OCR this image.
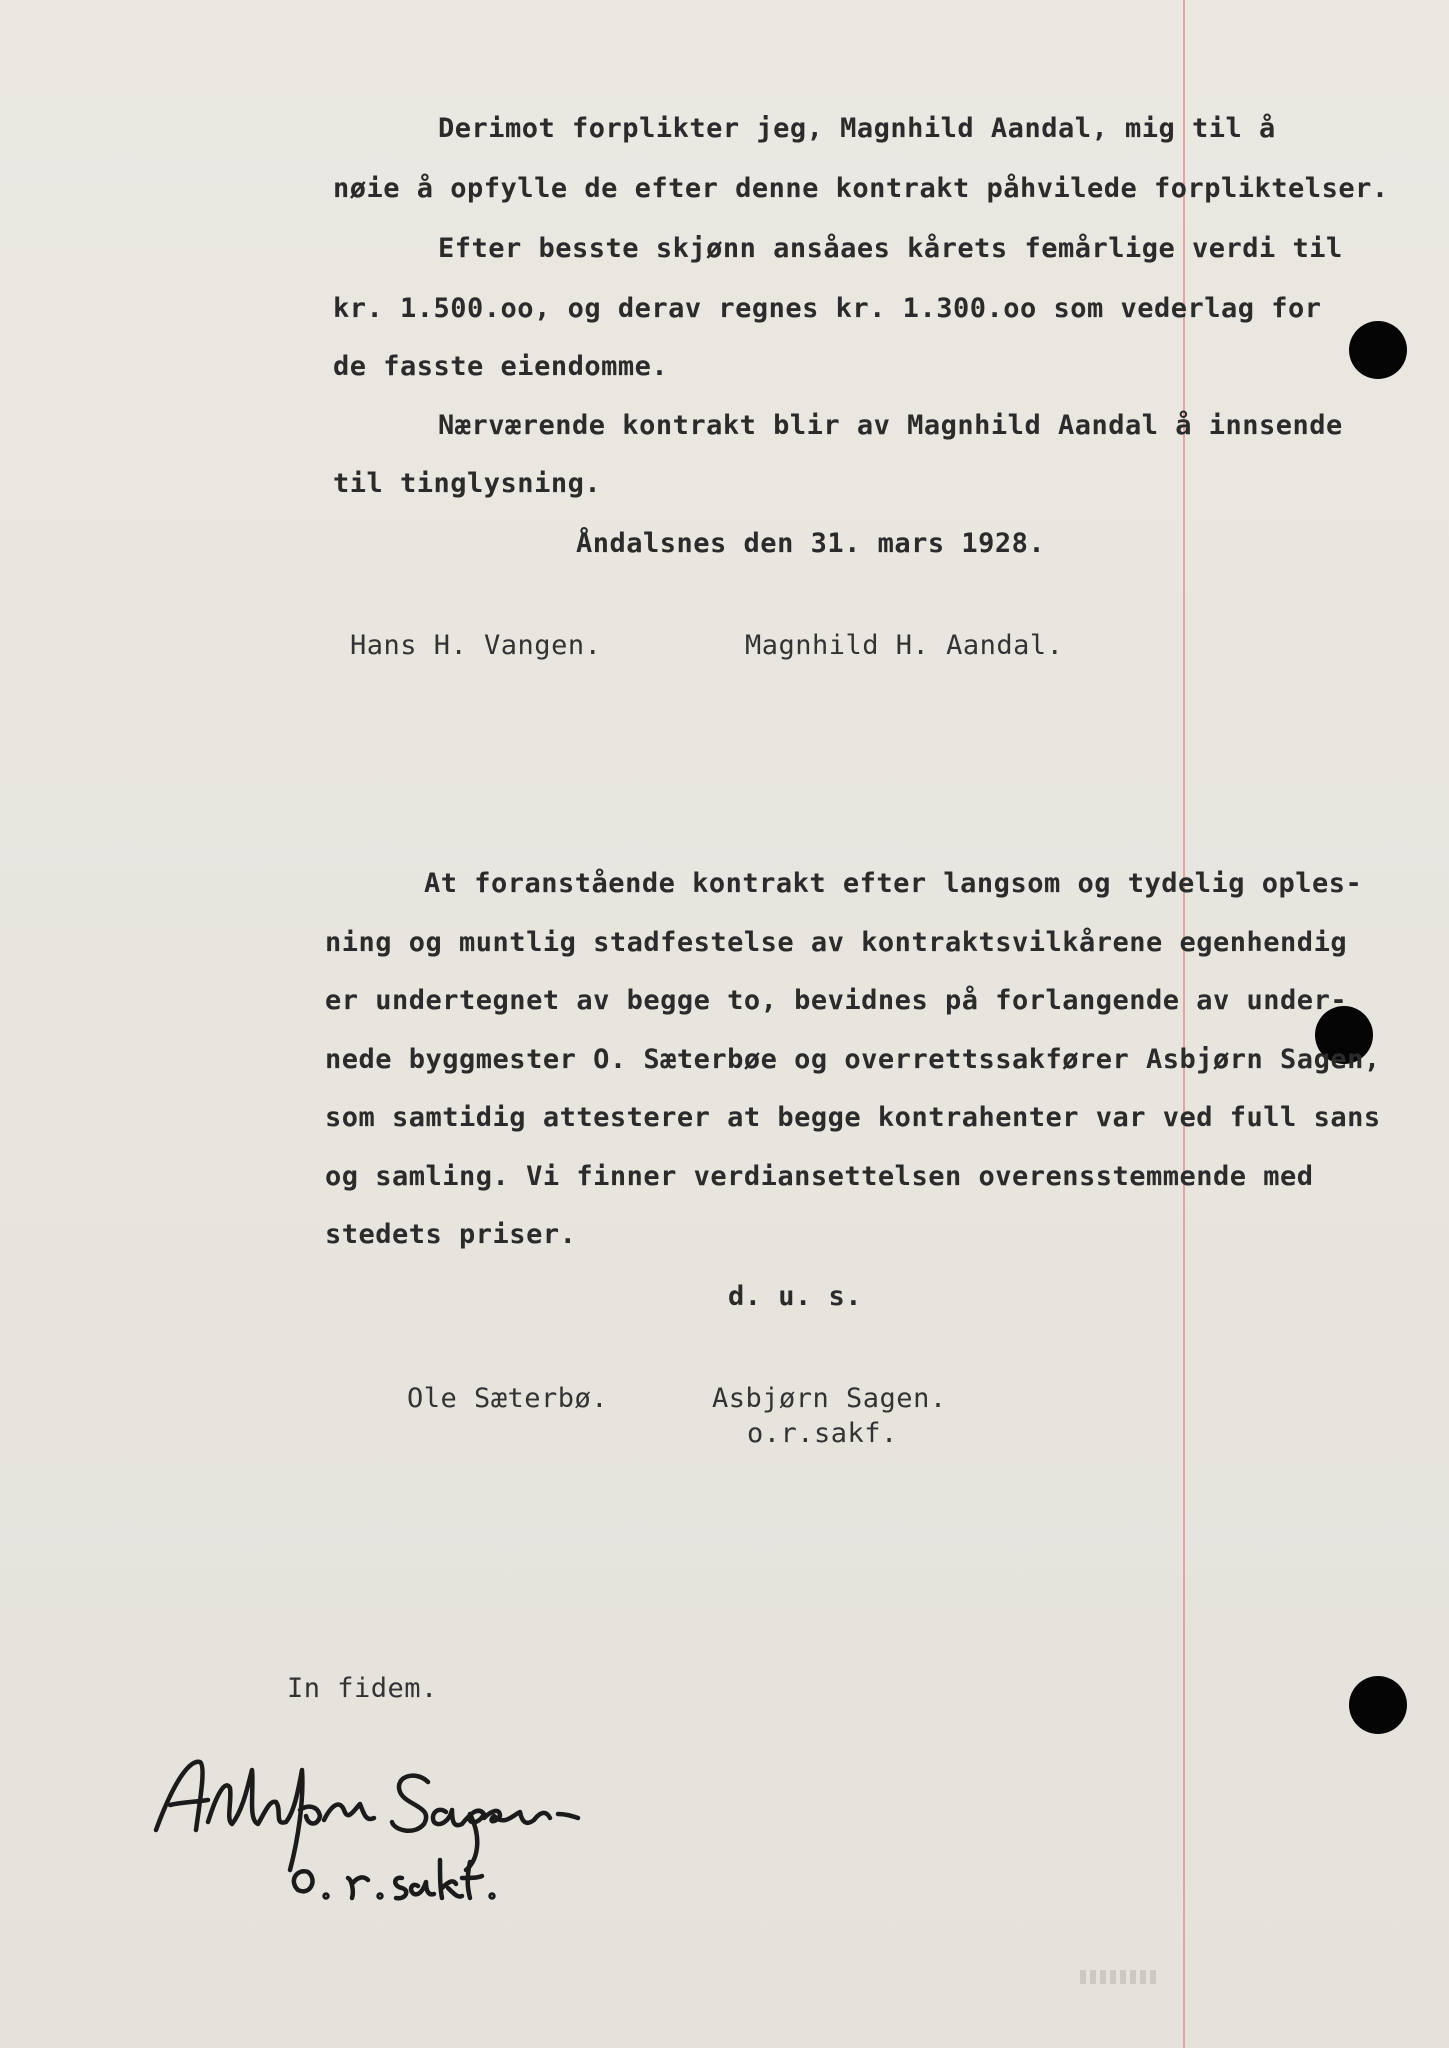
Derimot forplikter jeg, Magnhild Aandal, mig til å
nøie å opfylle de efter denne kontrakt påhvilede forpliktelser.
Efter besste skjønn ansåaes kårets femårlige verdi til
kr. 1.500.oo, og derav regnes kr. 1.300.oo som vederlag for
de fasste eiendomme.
Nærværende kontrakt blir av Magnhild Aandal å innsende
til tinglysning.
Åndalsnes den 31. mars 1928.
Hans H. Vangen.	Magnhild H. Aandal.
At foranstående kontrakt efter langsom og tydelig oples-
ning og muntlig stadfestelse av kontraktsvilkårene egenhendig
er undertegnet av begge to, bevidnes på forlangende av under-
nede byggmester O. Sæterbøe og overrettssakfører Asbjørn Sagen,
som samtidig attesterer at begge kontrahenter var ved full sans
og samling. Vi finner verdiansettelsen overensstemmende med
stedets priser.
d. u. s.
Ole Sæterbø.	Asbjørn Sagen.
o.r.sakf.
In fidem.
